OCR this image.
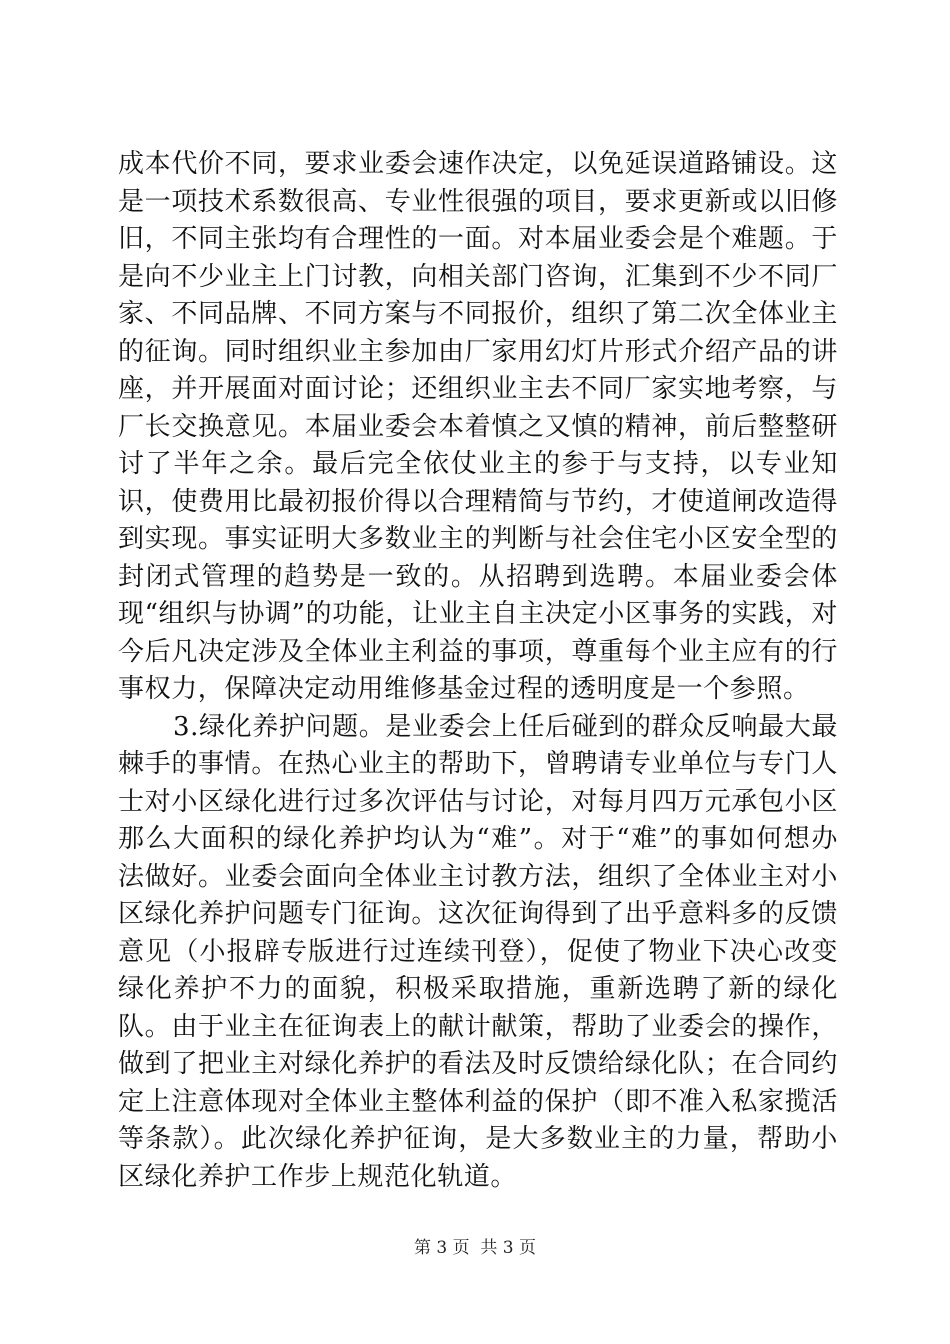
成本代价不同，要求业委会速作决定，以免延误道路铺设。这是一项技术系数很高、专业性很强的项目，要求更新或以旧修旧，不同主张均有合理性的一面。对本届业委会是个难题。于是向不少业主上门讨教，向相关部门咨询，汇集到不少不同厂家、不同品牌、不同方案与不同报价，组织了第二次全体业主的征询。同时组织业主参加由厂家用幻灯片形式介绍产品的讲座，并开展面对面讨论；还组织业主去不同厂家实地考察，与厂长交换意见。本届业委会本着慎之又慎的精神，前后整整研讨了半年之余。最后完全依仗业主的参于与支持，以专业知识，使费用比最初报价得以合理精简与节约，才使道闸改造得到实现。事实证明大多数业主的判断与社会住宅小区安全型的封闭式管理的趋势是一致的。从招聘到选聘。本届业委会体现“组织与协调”的功能，让业主自主决定小区事务的实践，对今后凡决定涉及全体业主利益的事项，尊重每个业主应有的行事权力，保障决定动用维修基金过程的透明度是一个参照。

3.绿化养护问题。是业委会上任后碰到的群众反响最大最棘手的事情。在热心业主的帮助下，曾聘请专业单位与专门人士对小区绿化进行过多次评估与讨论，对每月四万元承包小区那么大面积的绿化养护均认为“难”。对于“难”的事如何想办法做好。业委会面向全体业主讨教方法，组织了全体业主对小区绿化养护问题专门征询。这次征询得到了出乎意料多的反馈意见（小报辟专版进行过连续刊登），促使了物业下决心改变绿化养护不力的面貌，积极采取措施，重新选聘了新的绿化队。由于业主在征询表上的献计献策，帮助了业委会的操作，做到了把业主对绿化养护的看法及时反馈给绿化队；在合同约定上注意体现对全体业主整体利益的保护（即不准入私家揽活等条款）。此次绿化养护征询，是大多数业主的力量，帮助小区绿化养护工作步上规范化轨道。

第 3 页  共 3 页
